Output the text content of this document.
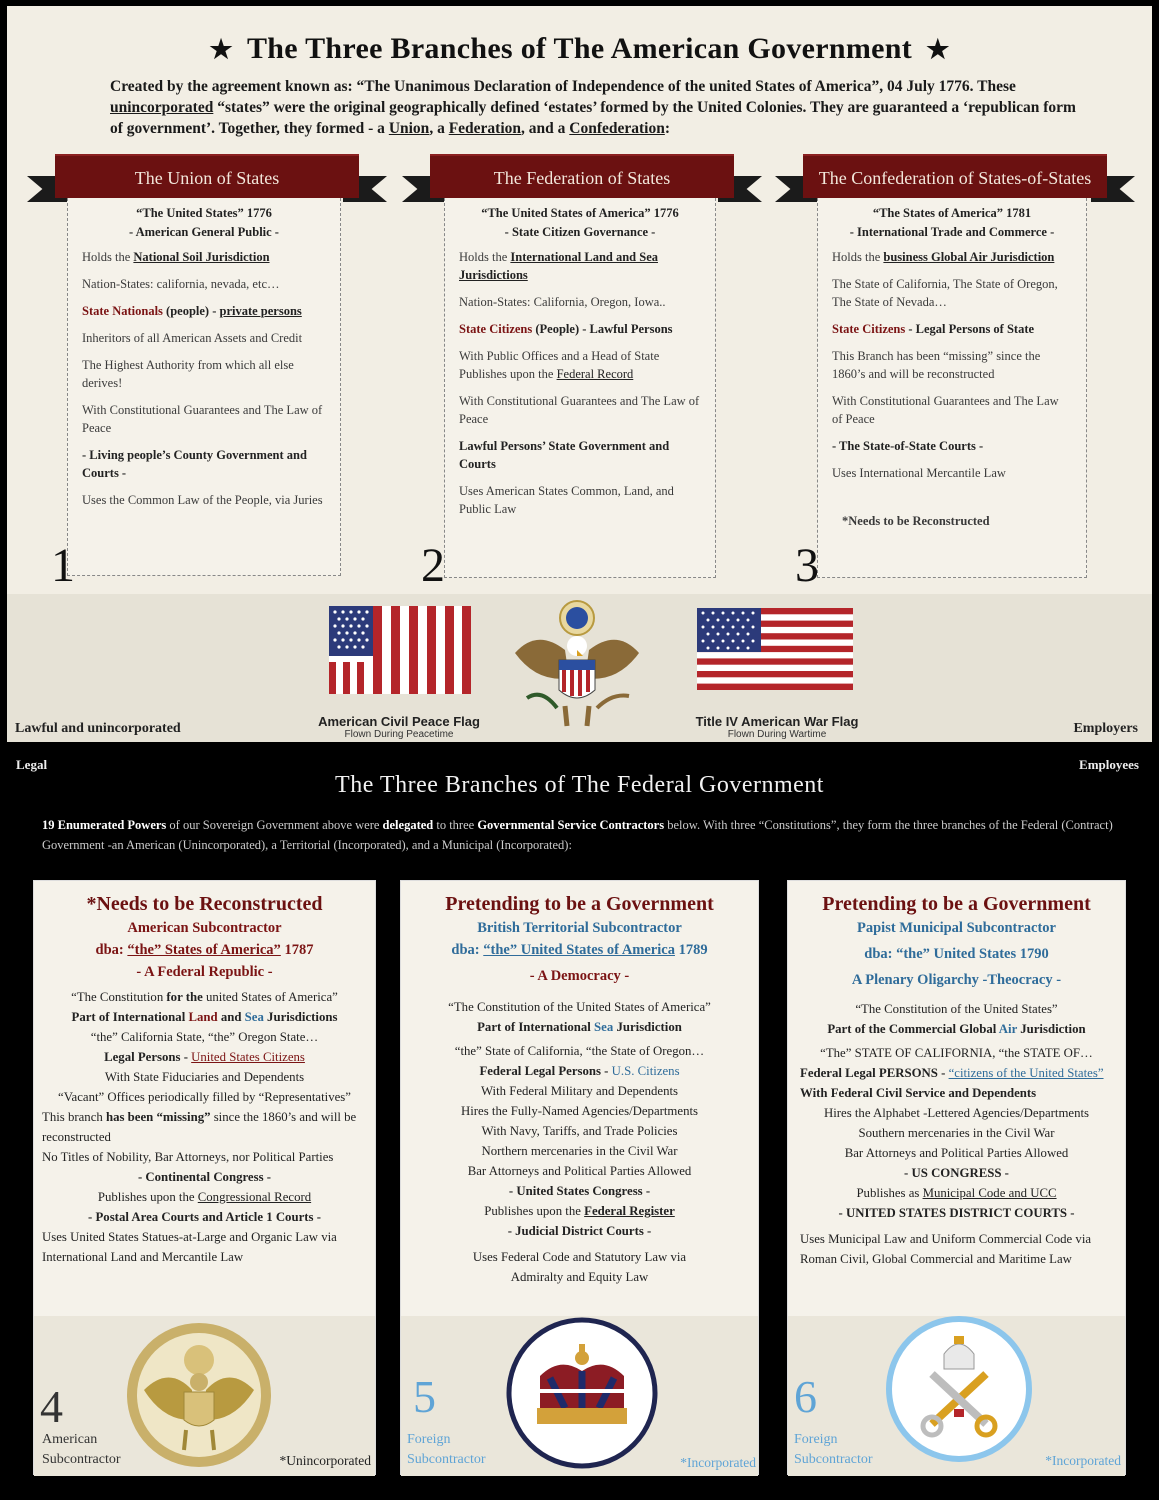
★ The Three Branches of The American Government ★
Created by the agreement known as: “The Unanimous Declaration of Independence of the united States of America”, 04 July 1776. These unincorporated “states” were the original geographically defined ‘estates’ formed by the United Colonies. They are guaranteed a ‘republican form of government’. Together, they formed - a Union, a Federation, and a Confederation:
The Union of States	The Federation of States	The Confederation of States-of-States

“The United States” 1776
- American General Public -

Holds the National Soil Jurisdiction

Nation-States: california, nevada, etc…

State Nationals (people) - private persons

Inheritors of all American Assets and Credit

The Highest Authority from which all else derives!

With Constitutional Guarantees and The Law of Peace

- Living people’s County Government and Courts -

Uses the Common Law of the People, via Juries

1

“The United States of America” 1776
- State Citizen Governance -

Holds the International Land and Sea Jurisdictions

Nation-States: California, Oregon, Iowa..

State Citizens (People) - Lawful Persons

With Public Offices and a Head of State Publishes upon the Federal Record

With Constitutional Guarantees and The Law of Peace

Lawful Persons’ State Government and Courts

Uses American States Common, Land, and Public Law

2

“The States of America” 1781
- International Trade and Commerce -

Holds the business Global Air Jurisdiction

The State of California, The State of Oregon, The State of Nevada…

State Citizens - Legal Persons of State

This Branch has been “missing” since the 1860’s and will be reconstructed

With Constitutional Guarantees and The Law of Peace

- The State-of-State Courts -

Uses International Mercantile Law

*Needs to be Reconstructed

3
Lawful and unincorporated	Employers
American Civil Peace Flag
Flown During Peacetime
Title IV American War Flag
Flown During Wartime
Legal	Employees
The Three Branches of The Federal Government
19 Enumerated Powers of our Sovereign Government above were delegated to three Governmental Service Contractors below. With three “Constitutions”, they form the three branches of the Federal (Contract) Government -an American (Unincorporated), a Territorial (Incorporated), and a Municipal (Incorporated):
*Needs to be Reconstructed
American Subcontractor
dba: “the” States of America” 1787
- A Federal Republic -
“The Constitution for the united States of America”
Part of International Land and Sea Jurisdictions
“the” California State, “the” Oregon State…
Legal Persons - United States Citizens
With State Fiduciaries and Dependents
“Vacant” Offices periodically filled by “Representatives”
This branch has been “missing” since the 1860’s and will be reconstructed
No Titles of Nobility, Bar Attorneys, nor Political Parties
- Continental Congress -
Publishes upon the Congressional Record
- Postal Area Courts and Article 1 Courts -
Uses United States Statues-at-Large and Organic Law via International Land and Mercantile Law
4
American
Subcontractor	*Unincorporated
Pretending to be a Government
British Territorial Subcontractor
dba: “the” United States of America 1789
- A Democracy -
“The Constitution of the United States of America”
Part of International Sea Jurisdiction
“the” State of California, “the State of Oregon…
Federal Legal Persons - U.S. Citizens
With Federal Military and Dependents
Hires the Fully-Named Agencies/Departments
With Navy, Tariffs, and Trade Policies
Northern mercenaries in the Civil War
Bar Attorneys and Political Parties Allowed
- United States Congress -
Publishes upon the Federal Register
- Judicial District Courts -
Uses Federal Code and Statutory Law via Admiralty and Equity Law
5
Foreign
Subcontractor	*Incorporated
Pretending to be a Government
Papist Municipal Subcontractor
dba: “the” United States 1790
A Plenary Oligarchy -Theocracy -
“The Constitution of the United States”
Part of the Commercial Global Air Jurisdiction
“The” STATE OF CALIFORNIA, “the STATE OF…
Federal Legal PERSONS - “citizens of the United States” With Federal Civil Service and Dependents
Hires the Alphabet -Lettered Agencies/Departments
Southern mercenaries in the Civil War
Bar Attorneys and Political Parties Allowed
- US CONGRESS -
Publishes as Municipal Code and UCC
- UNITED STATES DISTRICT COURTS -
Uses Municipal Law and Uniform Commercial Code via Roman Civil, Global Commercial and Maritime Law
6
Foreign
Subcontractor	*Incorporated
